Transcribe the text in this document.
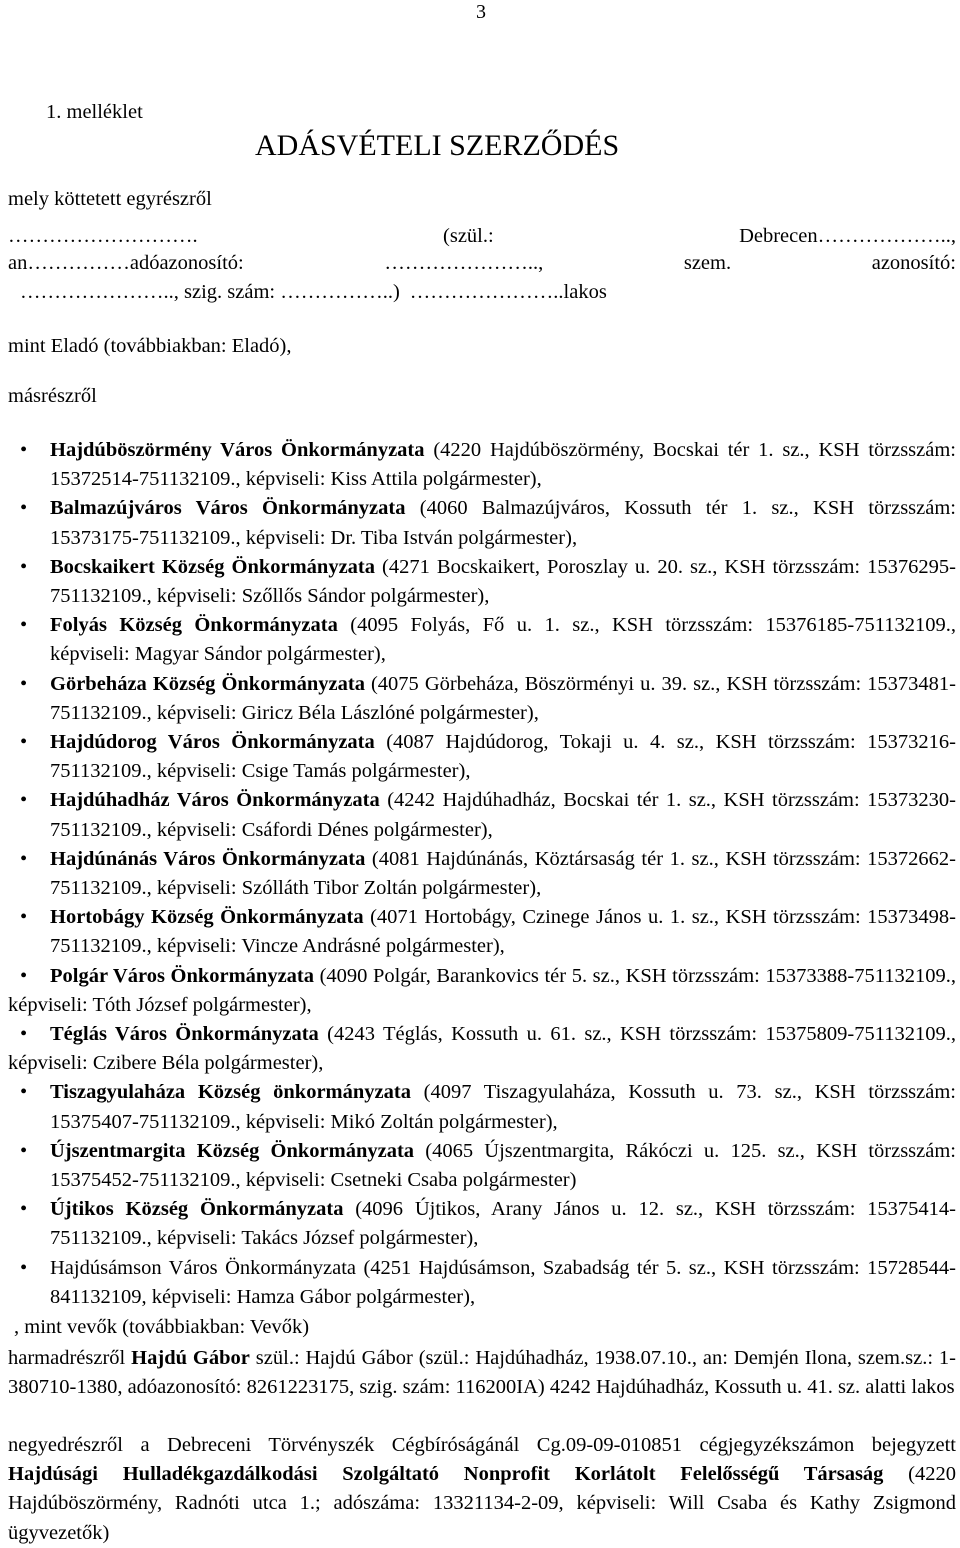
3
1. melléklet
ADÁSVÉTELI SZERZŐDÉS
mely köttetett egyrészről
……………………….	(szül.:	Debrecen………………..,
an……………adóazonosító:	…………………..,	szem.	azonosító:
………………….., szig. szám: ……………..) …………………..lakos
mint Eladó (továbbiakban: Eladó),
másrészről
• Hajdúböszörmény Város Önkormányzata (4220 Hajdúböszörmény, Bocskai tér 1. sz., KSH törzsszám: 15372514-751132109., képviseli: Kiss Attila polgármester),
• Balmazújváros Város Önkormányzata (4060 Balmazújváros, Kossuth tér 1. sz., KSH törzsszám: 15373175-751132109., képviseli: Dr. Tiba István polgármester),
• Bocskaikert Község Önkormányzata (4271 Bocskaikert, Poroszlay u. 20. sz., KSH törzsszám: 15376295-751132109., képviseli: Szőllős Sándor polgármester),
• Folyás Község Önkormányzata (4095 Folyás, Fő u. 1. sz., KSH törzsszám: 15376185-751132109., képviseli: Magyar Sándor polgármester),
• Görbeháza Község Önkormányzata (4075 Görbeháza, Böszörményi u. 39. sz., KSH törzsszám: 15373481-751132109., képviseli: Giricz Béla Lászlóné polgármester),
• Hajdúdorog Város Önkormányzata (4087 Hajdúdorog, Tokaji u. 4. sz., KSH törzsszám: 15373216-751132109., képviseli: Csige Tamás polgármester),
• Hajdúhadház Város Önkormányzata (4242 Hajdúhadház, Bocskai tér 1. sz., KSH törzsszám: 15373230-751132109., képviseli: Csáfordi Dénes polgármester),
• Hajdúnánás Város Önkormányzata (4081 Hajdúnánás, Köztársaság tér 1. sz., KSH törzsszám: 15372662-751132109., képviseli: Szólláth Tibor Zoltán polgármester),
• Hortobágy Község Önkormányzata (4071 Hortobágy, Czinege János u. 1. sz., KSH törzsszám: 15373498-751132109., képviseli: Vincze Andrásné polgármester),
• Polgár Város Önkormányzata (4090 Polgár, Barankovics tér 5. sz., KSH törzsszám: 15373388-751132109., képviseli: Tóth József polgármester),
• Téglás Város Önkormányzata (4243 Téglás, Kossuth u. 61. sz., KSH törzsszám: 15375809-751132109., képviseli: Czibere Béla polgármester),
• Tiszagyulaháza Község önkormányzata (4097 Tiszagyulaháza, Kossuth u. 73. sz., KSH törzsszám: 15375407-751132109., képviseli: Mikó Zoltán polgármester),
• Újszentmargita Község Önkormányzata (4065 Újszentmargita, Rákóczi u. 125. sz., KSH törzsszám: 15375452-751132109., képviseli: Csetneki Csaba polgármester)
• Újtikos Község Önkormányzata (4096 Újtikos, Arany János u. 12. sz., KSH törzsszám: 15375414-751132109., képviseli: Takács József polgármester),
• Hajdúsámson Város Önkormányzata (4251 Hajdúsámson, Szabadság tér 5. sz., KSH törzsszám: 15728544-841132109, képviseli: Hamza Gábor polgármester),
, mint vevők (továbbiakban: Vevők)
harmadrészről Hajdú Gábor szül.: Hajdú Gábor (szül.: Hajdúhadház, 1938.07.10., an: Demjén Ilona, szem.sz.: 1-380710-1380, adóazonosító: 8261223175, szig. szám: 116200IA) 4242 Hajdúhadház, Kossuth u. 41. sz. alatti lakos
negyedrészről a Debreceni Törvényszék Cégbíróságánál Cg.09-09-010851 cégjegyzékszámon bejegyzett Hajdúsági Hulladékgazdálkodási Szolgáltató Nonprofit Korlátolt Felelősségű Társaság (4220 Hajdúböszörmény, Radnóti utca 1.; adószáma: 13321134-2-09, képviseli: Will Csaba és Kathy Zsigmond ügyvezetők)
